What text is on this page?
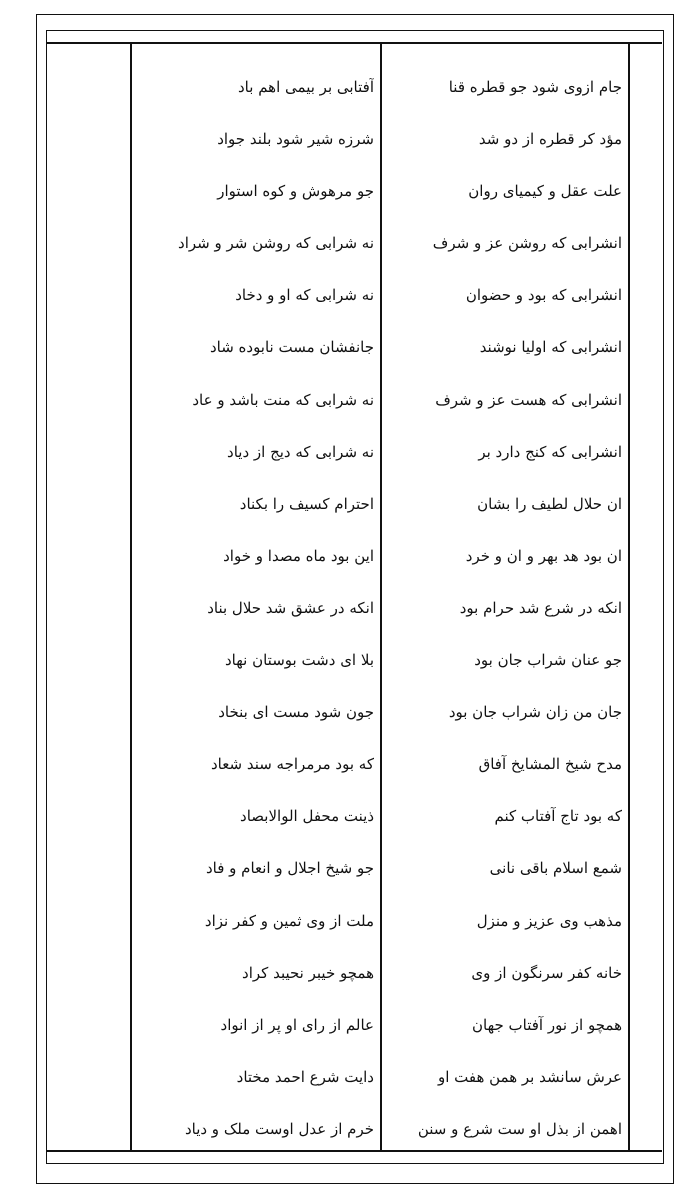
جام ازوی شود جو قطره قنا
مؤد کر قطره از دو شد
علت عقل و کیمیای روان
انشرابی که روشن عز و شرف
انشرابی که بود و حضوان
انشرابی که اولیا نوشند
انشرابی که هست عز و شرف
انشرابی که کنج دارد بر
ان حلال لطیف را بشان
ان بود هد بهر و ان و خرد
انکه در شرع شد حرام بود
جو عنان شراب جان بود
جان من زان شراب جان بود
مدح شیخ المشایخ آفاق
که بود تاج آفتاب کنم
شمع اسلام باقی نانی
مذهب وی عزیز و منزل
خانه کفر سرنگون از وی
همچو از نور آفتاب جهان
عرش سانشد بر همن هفت او
اهمن از بذل او ست شرع و سنن
آفتابی بر بیمی اهم باد
شرزه شیر شود بلند جواد
جو مرهوش و کوه استوار
نه شرابی که روشن شر و شراد
نه شرابی که او و دخاد
جانفشان مست نابوده شاد
نه شرابی که منت باشد و عاد
نه شرابی که دیج از دیاد
احترام کسیف را بکناد
این بود ماه مصدا و خواد
انکه در عشق شد حلال بناد
بلا ای دشت بوستان نهاد
جون شود مست ای بنخاد
که بود مرمراجه سند شعاد
ذینت محفل الوالابصاد
جو شیخ اجلال و انعام و فاد
ملت از وی ثمین و کفر نزاد
همچو خیبر نحیبد کراد
عالم از رای او پر از انواد
دایت شرع احمد مختاد
خرم از عدل اوست ملک و دیاد
